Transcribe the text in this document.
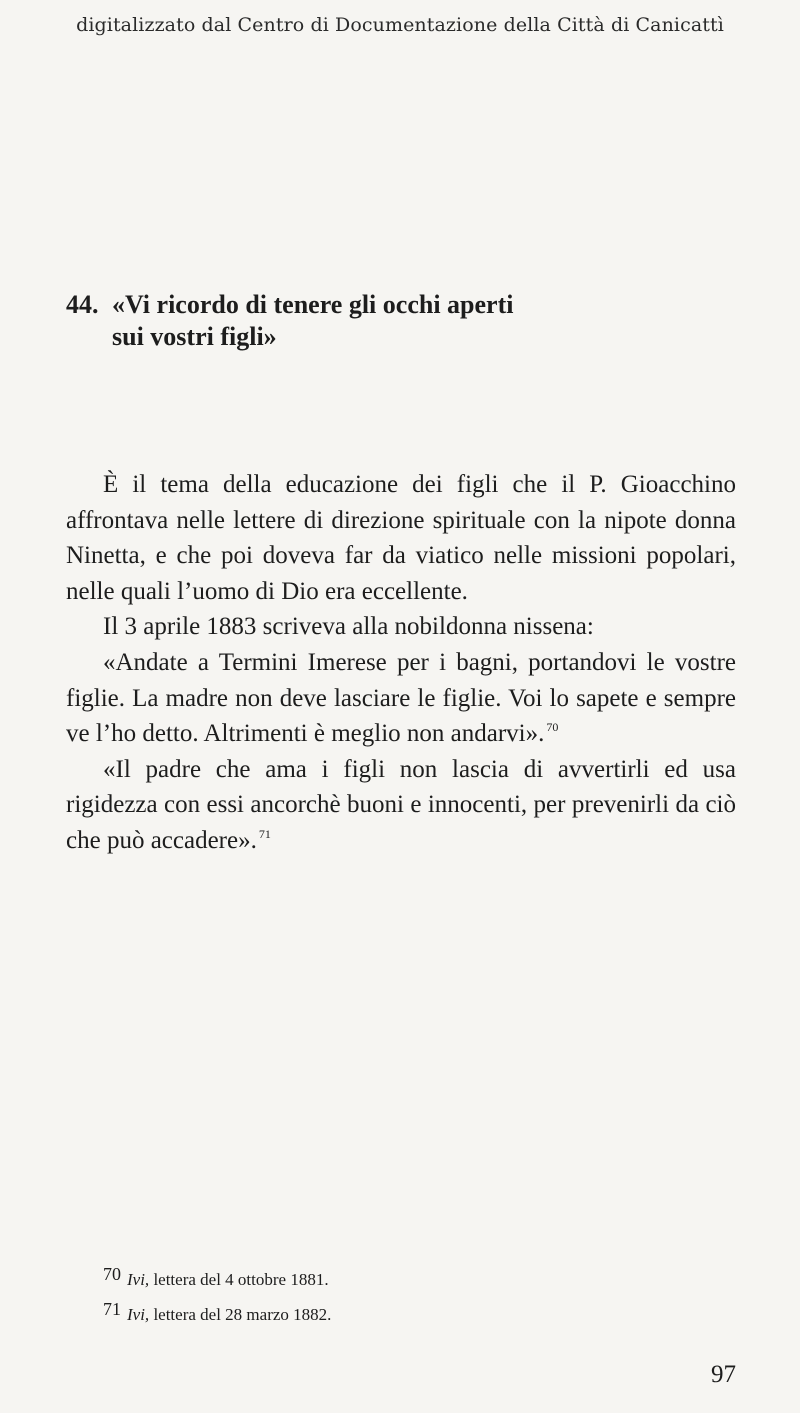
digitalizzato dal Centro di Documentazione della Città di Canicattì
44. «Vi ricordo di tenere gli occhi aperti
sui vostri figli»

È il tema della educazione dei figli che il P. Gioacchino affrontava nelle lettere di direzione spirituale con la nipote donna Ninetta, e che poi doveva far da viatico nelle missioni popolari, nelle quali l’uomo di Dio era eccellente.

Il 3 aprile 1883 scriveva alla nobildonna nissena:

«Andate a Termini Imerese per i bagni, portandovi le vostre figlie. La madre non deve lasciare le figlie. Voi lo sapete e sempre ve l’ho detto. Altrimenti è meglio non andarvi». $^{70}$

«Il padre che ama i figli non lascia di avvertirli ed usa rigidezza con essi ancorchè buoni e innocenti, per prevenirli da ciò che può accadere». $^{71}$

70 Ivi, lettera del 4 ottobre 1881.
71 Ivi, lettera del 28 marzo 1882.
97
